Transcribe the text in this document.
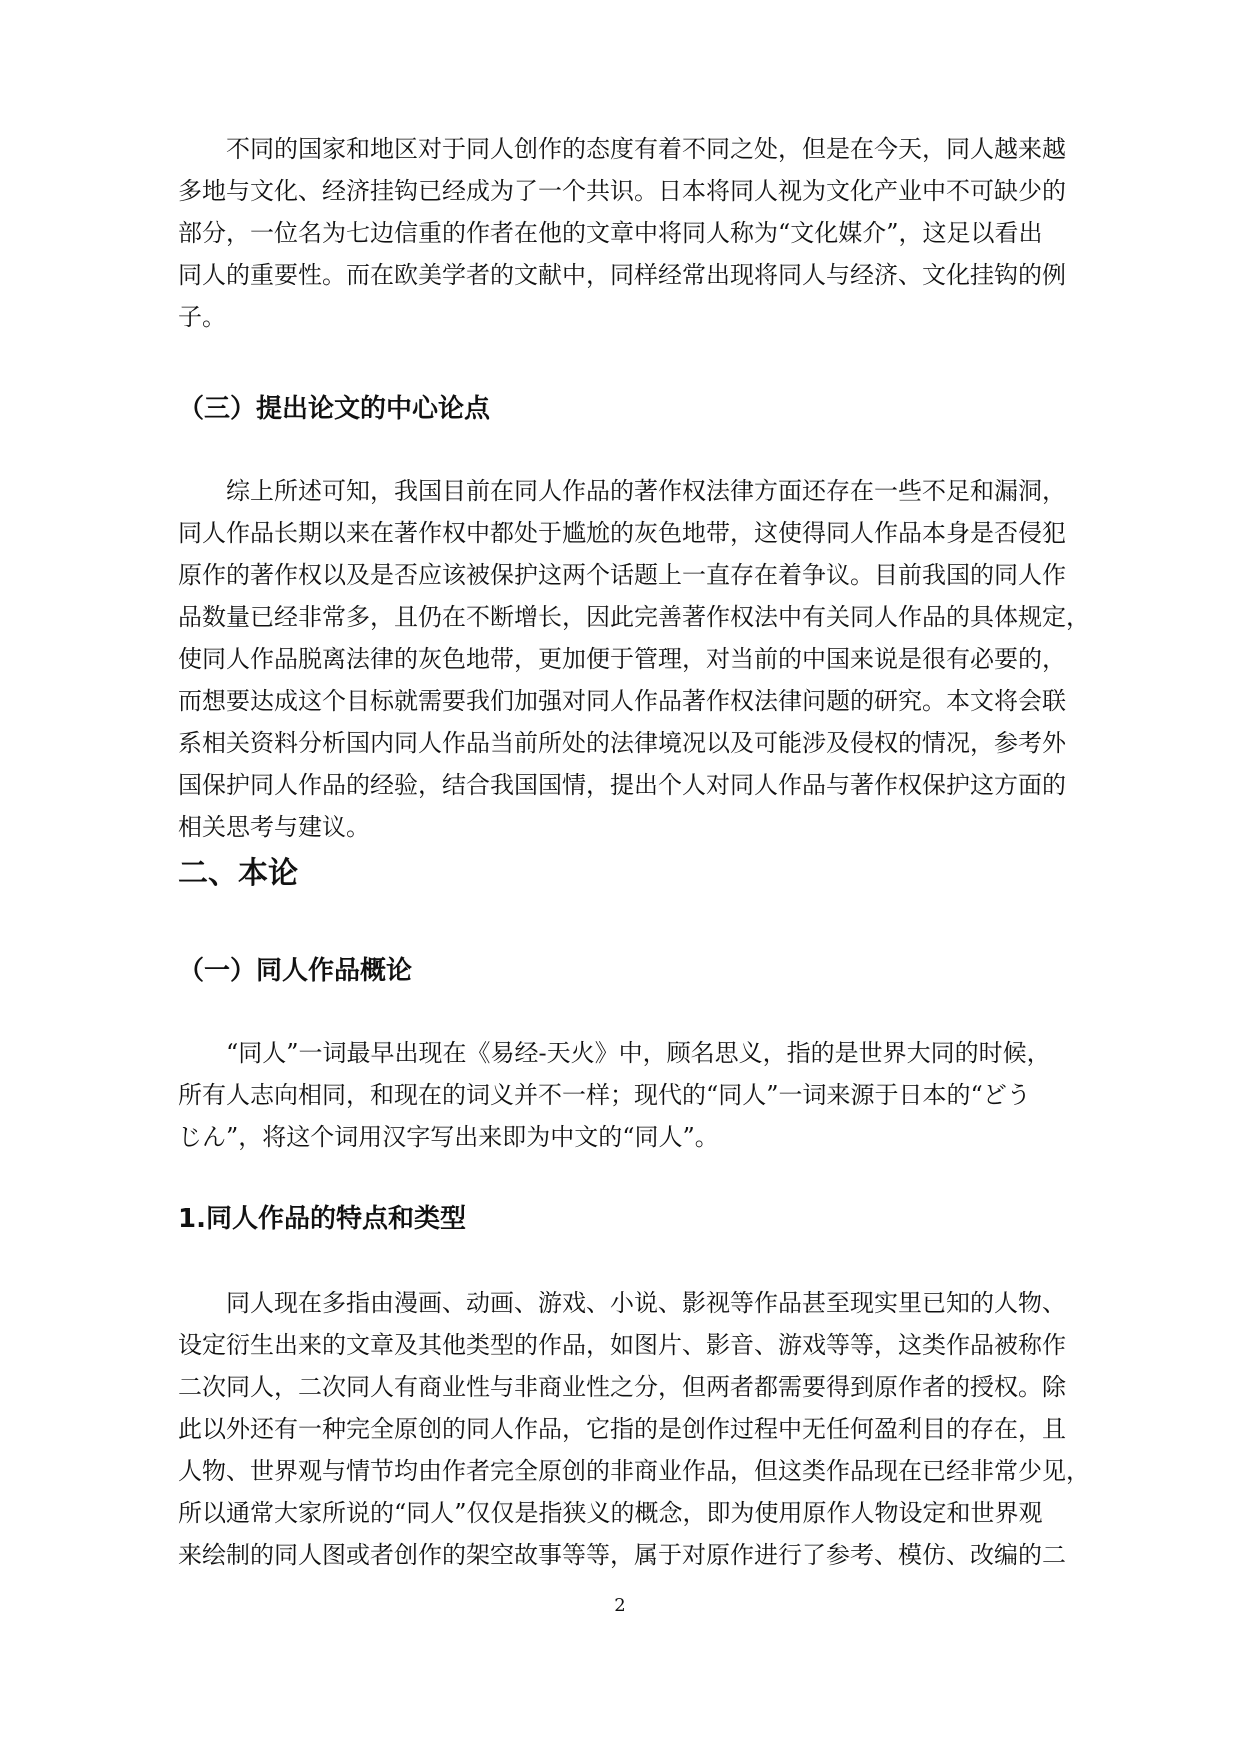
不同的国家和地区对于同人创作的态度有着不同之处，但是在今天，同人越来越
多地与文化、经济挂钩已经成为了一个共识。日本将同人视为文化产业中不可缺少的
部分，一位名为七边信重的作者在他的文章中将同人称为“文化媒介”，这足以看出
同人的重要性。而在欧美学者的文献中，同样经常出现将同人与经济、文化挂钩的例
子。
（三）提出论文的中心论点
综上所述可知，我国目前在同人作品的著作权法律方面还存在一些不足和漏洞，
同人作品长期以来在著作权中都处于尴尬的灰色地带，这使得同人作品本身是否侵犯
原作的著作权以及是否应该被保护这两个话题上一直存在着争议。目前我国的同人作
品数量已经非常多，且仍在不断增长，因此完善著作权法中有关同人作品的具体规定，
使同人作品脱离法律的灰色地带，更加便于管理，对当前的中国来说是很有必要的，
而想要达成这个目标就需要我们加强对同人作品著作权法律问题的研究。本文将会联
系相关资料分析国内同人作品当前所处的法律境况以及可能涉及侵权的情况，参考外
国保护同人作品的经验，结合我国国情，提出个人对同人作品与著作权保护这方面的
相关思考与建议。
二、本论
（一）同人作品概论
“同人”一词最早出现在《易经-天火》中，顾名思义，指的是世界大同的时候，
所有人志向相同，和现在的词义并不一样；现代的“同人”一词来源于日本的“どう
じん”，将这个词用汉字写出来即为中文的“同人”。
1.同人作品的特点和类型
同人现在多指由漫画、动画、游戏、小说、影视等作品甚至现实里已知的人物、
设定衍生出来的文章及其他类型的作品，如图片、影音、游戏等等，这类作品被称作
二次同人，二次同人有商业性与非商业性之分，但两者都需要得到原作者的授权。除
此以外还有一种完全原创的同人作品，它指的是创作过程中无任何盈利目的存在，且
人物、世界观与情节均由作者完全原创的非商业作品，但这类作品现在已经非常少见，
所以通常大家所说的“同人”仅仅是指狭义的概念，即为使用原作人物设定和世界观
来绘制的同人图或者创作的架空故事等等，属于对原作进行了参考、模仿、改编的二

2
